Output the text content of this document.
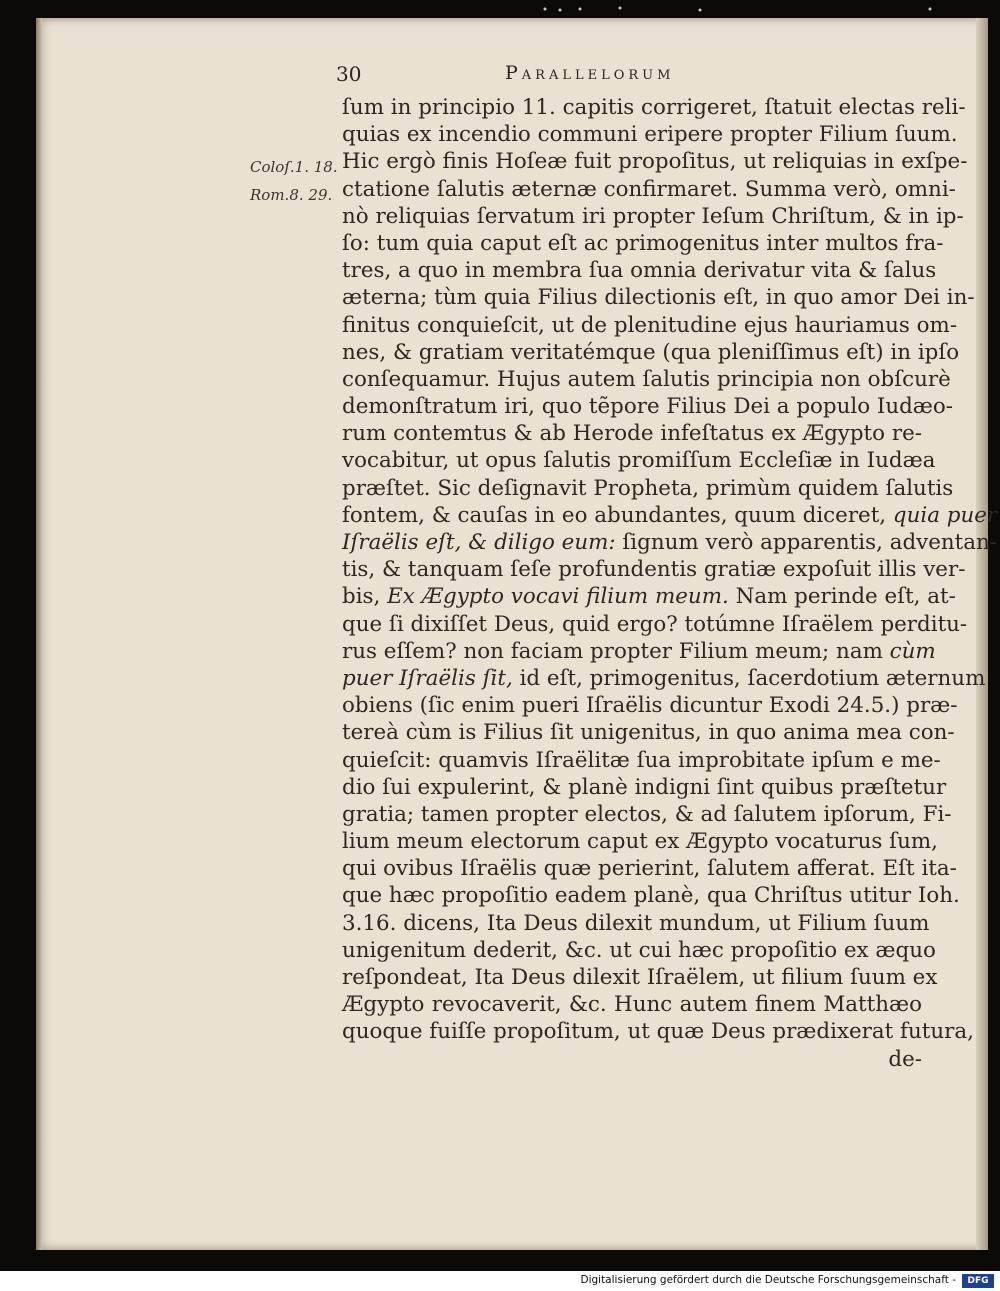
30	Parallelorum
Coloſ.1. 18.
Rom.8. 29.
ſum in principio 11. capitis corrigeret, ſtatuit electas reli-
quias ex incendio communi eripere propter Filium ſuum.
Hic ergò finis Hoſeæ fuit propoſitus, ut reliquias in exſpe-
ctatione ſalutis æternæ confirmaret. Summa verò, omni-
nò reliquias ſervatum iri propter Ieſum Chriſtum, & in ip-
ſo: tum quia caput eſt ac primogenitus inter multos fra-
tres, a quo in membra ſua omnia derivatur vita & ſalus
æterna; tùm quia Filius dilectionis eſt, in quo amor Dei in-
finitus conquieſcit, ut de plenitudine ejus hauriamus om-
nes, & gratiam veritatémque (qua pleniſſimus eſt) in ipſo
conſequamur. Hujus autem ſalutis principia non obſcurè
demonſtratum iri, quo tẽpore Filius Dei a populo Iudæo-
rum contemtus & ab Herode infeſtatus ex Ægypto re-
vocabitur, ut opus ſalutis promiſſum Eccleſiæ in Iudæa
præſtet. Sic deſignavit Propheta, primùm quidem ſalutis
fontem, & cauſas in eo abundantes, quum diceret, quia puer
Iſraëlis eſt, & diligo eum: ſignum verò apparentis, adventan-
tis, & tanquam ſeſe profundentis gratiæ expoſuit illis ver-
bis, Ex Ægypto vocavi filium meum. Nam perinde eſt, at-
que ſi dixiſſet Deus, quid ergo? totúmne Iſraëlem perditu-
rus eſſem? non faciam propter Filium meum; nam cùm
puer Iſraëlis ſit, id eſt, primogenitus, ſacerdotium æternum
obiens (ſic enim pueri Iſraëlis dicuntur Exodi 24.5.) præ-
tereà cùm is Filius ſit unigenitus, in quo anima mea con-
quieſcit: quamvis Iſraëlitæ ſua improbitate ipſum e me-
dio ſui expulerint, & planè indigni ſint quibus præſtetur
gratia; tamen propter electos, & ad ſalutem ipſorum, Fi-
lium meum electorum caput ex Ægypto vocaturus ſum,
qui ovibus Iſraëlis quæ perierint, ſalutem afferat. Eſt ita-
que hæc propoſitio eadem planè, qua Chriſtus utitur Ioh.
3.16. dicens, Ita Deus dilexit mundum, ut Filium ſuum
unigenitum dederit, &c. ut cui hæc propoſitio ex æquo
reſpondeat, Ita Deus dilexit Iſraëlem, ut filium ſuum ex
Ægypto revocaverit, &c. Hunc autem finem Matthæo
quoque fuiſſe propoſitum, ut quæ Deus prædixerat futura,
de-
Digitalisierung gefördert durch die Deutsche Forschungsgemeinschaft -	DFG
